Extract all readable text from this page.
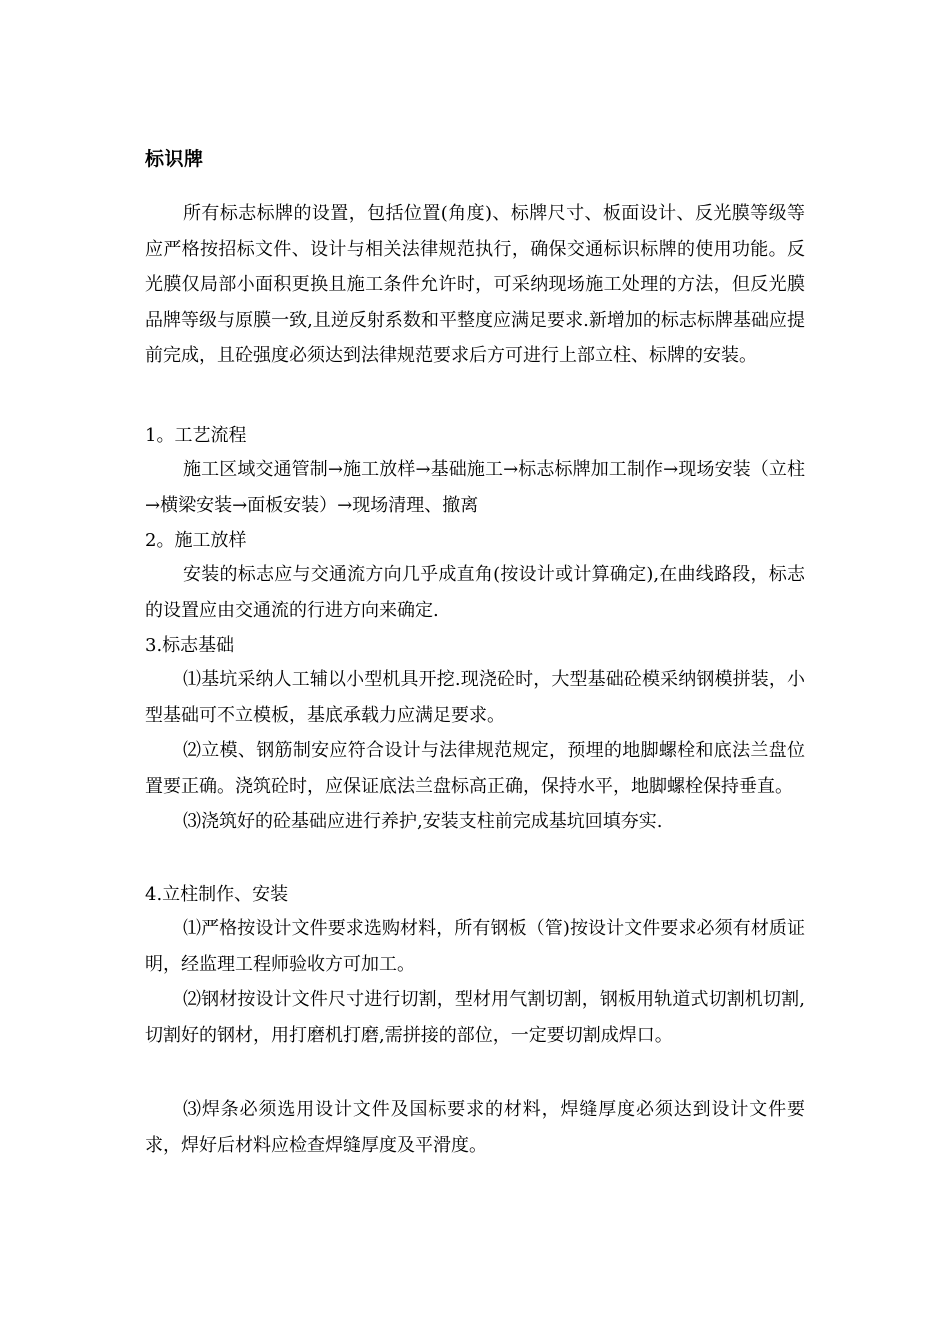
标识牌

所有标志标牌的设置，包括位置(角度)、标牌尺寸、板面设计、反光膜等级等应严格按招标文件、设计与相关法律规范执行，确保交通标识标牌的使用功能。反光膜仅局部小面积更换且施工条件允许时，可采纳现场施工处理的方法，但反光膜品牌等级与原膜一致,且逆反射系数和平整度应满足要求.新增加的标志标牌基础应提前完成，且砼强度必须达到法律规范要求后方可进行上部立柱、标牌的安装。

1。工艺流程

施工区域交通管制→施工放样→基础施工→标志标牌加工制作→现场安装（立柱→横梁安装→面板安装）→现场清理、撤离

2。施工放样

安装的标志应与交通流方向几乎成直角(按设计或计算确定),在曲线路段，标志的设置应由交通流的行进方向来确定.

3.标志基础

⑴基坑采纳人工辅以小型机具开挖.现浇砼时，大型基础砼模采纳钢模拼装，小型基础可不立模板，基底承载力应满足要求。

⑵立模、钢筋制安应符合设计与法律规范规定，预埋的地脚螺栓和底法兰盘位置要正确。浇筑砼时，应保证底法兰盘标高正确，保持水平，地脚螺栓保持垂直。

⑶浇筑好的砼基础应进行养护,安装支柱前完成基坑回填夯实.

4.立柱制作、安装

⑴严格按设计文件要求选购材料，所有钢板（管)按设计文件要求必须有材质证明，经监理工程师验收方可加工。

⑵钢材按设计文件尺寸进行切割，型材用气割切割，钢板用轨道式切割机切割,切割好的钢材，用打磨机打磨,需拼接的部位，一定要切割成焊口。

⑶焊条必须选用设计文件及国标要求的材料，焊缝厚度必须达到设计文件要求，焊好后材料应检查焊缝厚度及平滑度。
